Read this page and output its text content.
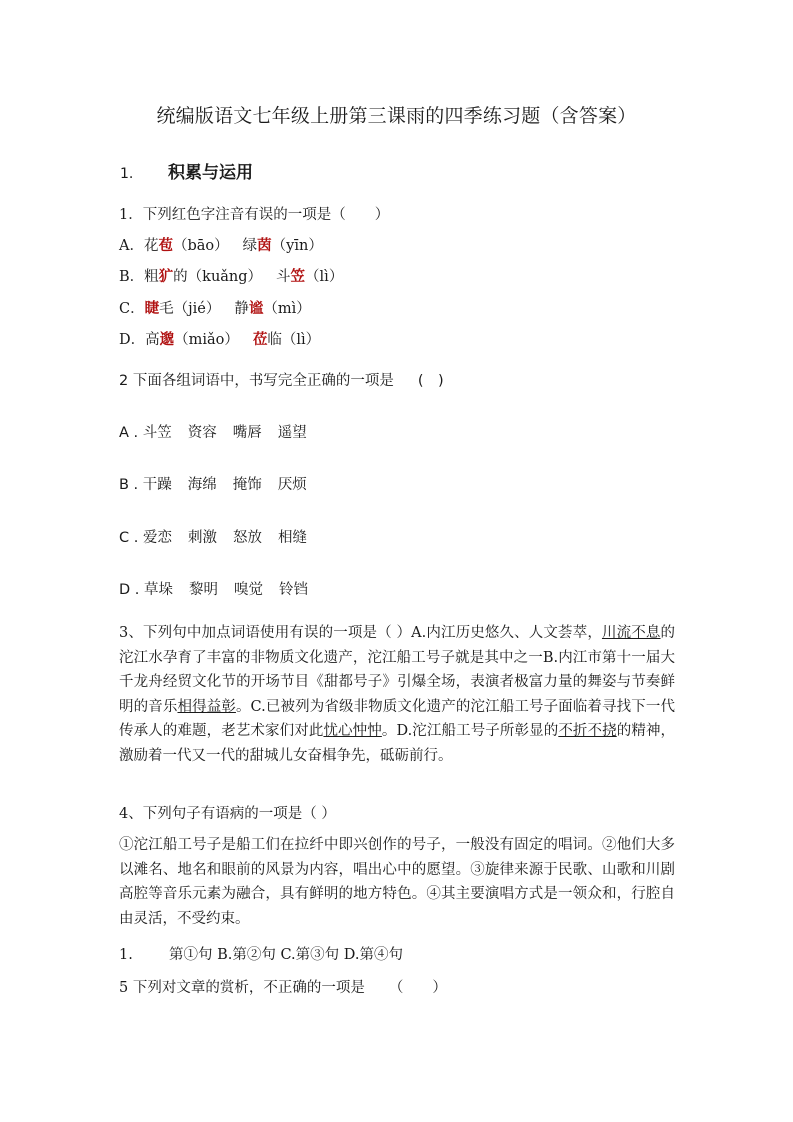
统编版语文七年级上册第三课雨的四季练习题（含答案）
1. 积累与运用
1．下列红色字注音有误的一项是（　　）
A．花苞（bāo） 绿茵（yīn）
B．粗犷的（kuǎng） 斗笠（lì）
C．睫毛（jié） 静谧（mì）
D．高邈（miǎo） 莅临（lì）
2 下面各组词语中，书写完全正确的一项是 (　)
A . 斗笠 资容 嘴唇 遥望
B . 干躁 海绵 掩饰 厌烦
C . 爱恋 刺激 怒放 相缝
D . 草垛 黎明 嗅觉 铃铛
3、下列句中加点词语使用有误的一项是（ ）A.内江历史悠久、人文荟萃，川流不息的沱江水孕育了丰富的非物质文化遗产，沱江船工号子就是其中之一B.内江市第十一届大千龙舟经贸文化节的开场节目《甜都号子》引爆全场，表演者极富力量的舞姿与节奏鲜明的音乐相得益彰。C.已被列为省级非物质文化遗产的沱江船工号子面临着寻找下一代传承人的难题，老艺术家们对此忧心忡忡。D.沱江船工号子所彰显的不折不挠的精神，激励着一代又一代的甜城儿女奋楫争先，砥砺前行。
4、下列句子有语病的一项是（ ）
①沱江船工号子是船工们在拉纤中即兴创作的号子，一般没有固定的唱词。②他们大多以滩名、地名和眼前的风景为内容，唱出心中的愿望。③旋律来源于民歌、山歌和川剧高腔等音乐元素为融合，具有鲜明的地方特色。④其主要演唱方式是一领众和，行腔自由灵活，不受约束。
1. 第①句 B.第②句 C.第③句 D.第④句
5 下列对文章的赏析，不正确的一项是 （　　）
